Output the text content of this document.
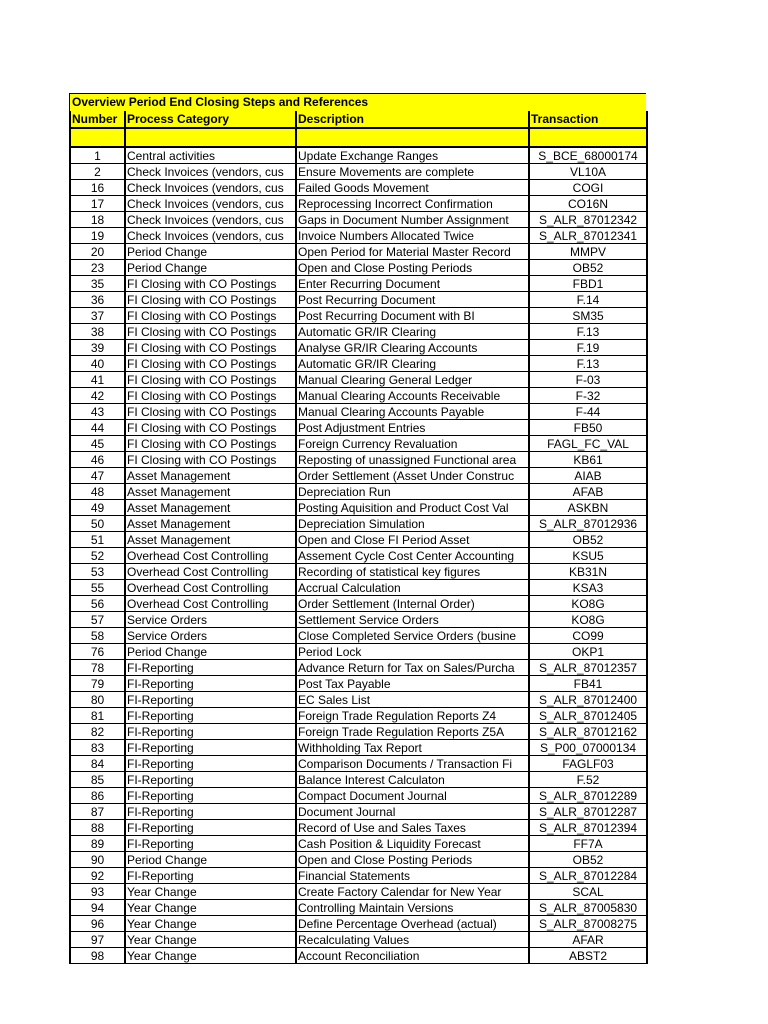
Overview Period End Closing Steps and References
Number	Process Category	Description	Transaction

1	Central activities	Update Exchange Ranges	S_BCE_68000174
2	Check Invoices (vendors, cus	Ensure Movements are complete	VL10A
16	Check Invoices (vendors, cus	Failed Goods Movement	COGI
17	Check Invoices (vendors, cus	Reprocessing Incorrect Confirmation	CO16N
18	Check Invoices (vendors, cus	Gaps in Document Number Assignment	S_ALR_87012342
19	Check Invoices (vendors, cus	Invoice Numbers Allocated Twice	S_ALR_87012341
20	Period Change	Open Period for Material Master Record	MMPV
23	Period Change	Open and Close Posting Periods	OB52
35	FI Closing with CO Postings	Enter Recurring Document	FBD1
36	FI Closing with CO Postings	Post Recurring Document	F.14
37	FI Closing with CO Postings	Post Recurring Document with BI	SM35
38	FI Closing with CO Postings	Automatic GR/IR Clearing	F.13
39	FI Closing with CO Postings	Analyse GR/IR Clearing Accounts	F.19
40	FI Closing with CO Postings	Automatic GR/IR Clearing	F.13
41	FI Closing with CO Postings	Manual Clearing General Ledger	F-03
42	FI Closing with CO Postings	Manual Clearing Accounts Receivable	F-32
43	FI Closing with CO Postings	Manual Clearing Accounts Payable	F-44
44	FI Closing with CO Postings	Post Adjustment Entries	FB50
45	FI Closing with CO Postings	Foreign Currency Revaluation	FAGL_FC_VAL
46	FI Closing with CO Postings	Reposting of unassigned Functional area	KB61
47	Asset Management	Order Settlement (Asset Under Construc	AIAB
48	Asset Management	Depreciation Run	AFAB
49	Asset Management	Posting Aquisition and Product Cost Val	ASKBN
50	Asset Management	Depreciation Simulation	S_ALR_87012936
51	Asset Management	Open and Close FI Period Asset	OB52
52	Overhead Cost Controlling	Assement Cycle Cost Center Accounting	KSU5
53	Overhead Cost Controlling	Recording of statistical key figures	KB31N
55	Overhead Cost Controlling	Accrual Calculation	KSA3
56	Overhead Cost Controlling	Order Settlement (Internal Order)	KO8G
57	Service Orders	Settlement Service Orders	KO8G
58	Service Orders	Close Completed Service Orders (busine	CO99
76	Period Change	Period Lock	OKP1
78	FI-Reporting	Advance Return for Tax on Sales/Purcha	S_ALR_87012357
79	FI-Reporting	Post Tax Payable	FB41
80	FI-Reporting	EC Sales List	S_ALR_87012400
81	FI-Reporting	Foreign Trade Regulation Reports Z4	S_ALR_87012405
82	FI-Reporting	Foreign Trade Regulation Reports Z5A	S_ALR_87012162
83	FI-Reporting	Withholding Tax Report	S_P00_07000134
84	FI-Reporting	Comparison Documents / Transaction Fi	FAGLF03
85	FI-Reporting	Balance Interest Calculaton	F.52
86	FI-Reporting	Compact Document Journal	S_ALR_87012289
87	FI-Reporting	Document Journal	S_ALR_87012287
88	FI-Reporting	Record of Use and Sales Taxes	S_ALR_87012394
89	FI-Reporting	Cash Position & Liquidity Forecast	FF7A
90	Period Change	Open and Close Posting Periods	OB52
92	FI-Reporting	Financial Statements	S_ALR_87012284
93	Year Change	Create Factory Calendar for New Year	SCAL
94	Year Change	Controlling Maintain Versions	S_ALR_87005830
96	Year Change	Define Percentage Overhead (actual)	S_ALR_87008275
97	Year Change	Recalculating Values	AFAR
98	Year Change	Account Reconciliation	ABST2
